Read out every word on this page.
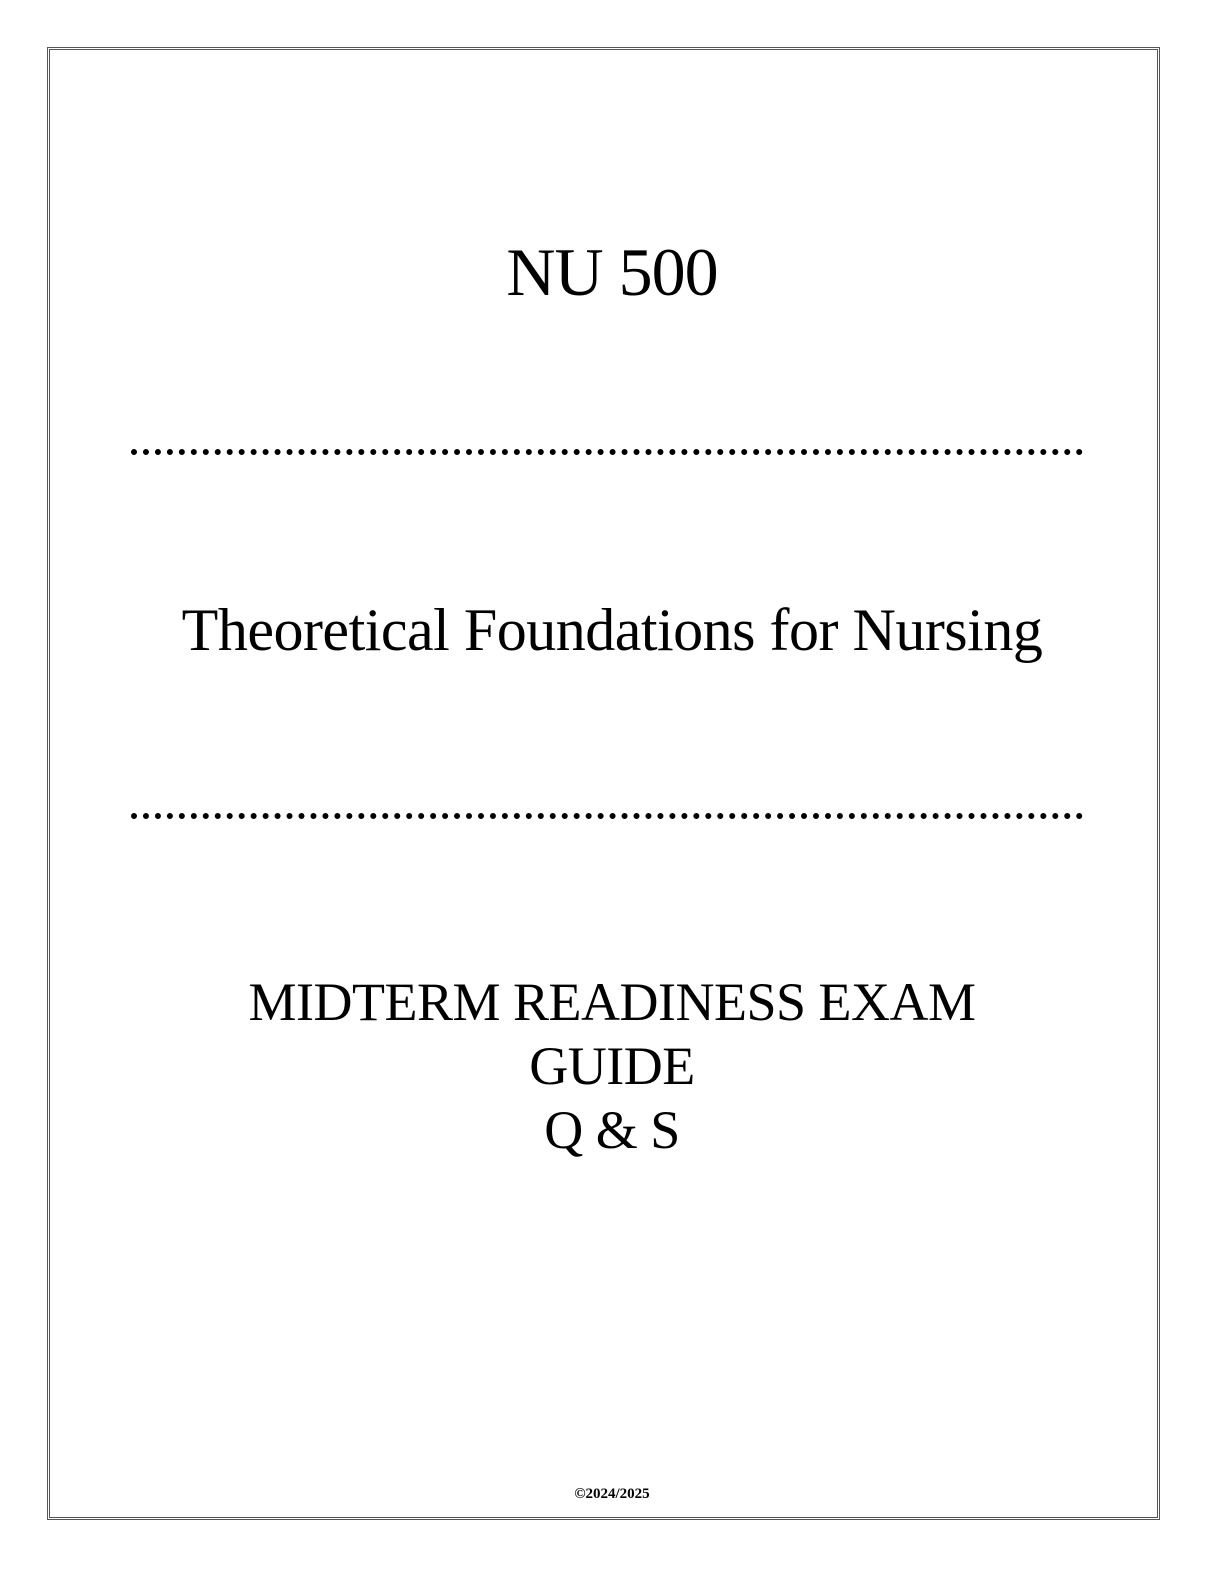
NU 500
Theoretical Foundations for Nursing
MIDTERM READINESS EXAM
GUIDE
Q & S
©2024/2025
